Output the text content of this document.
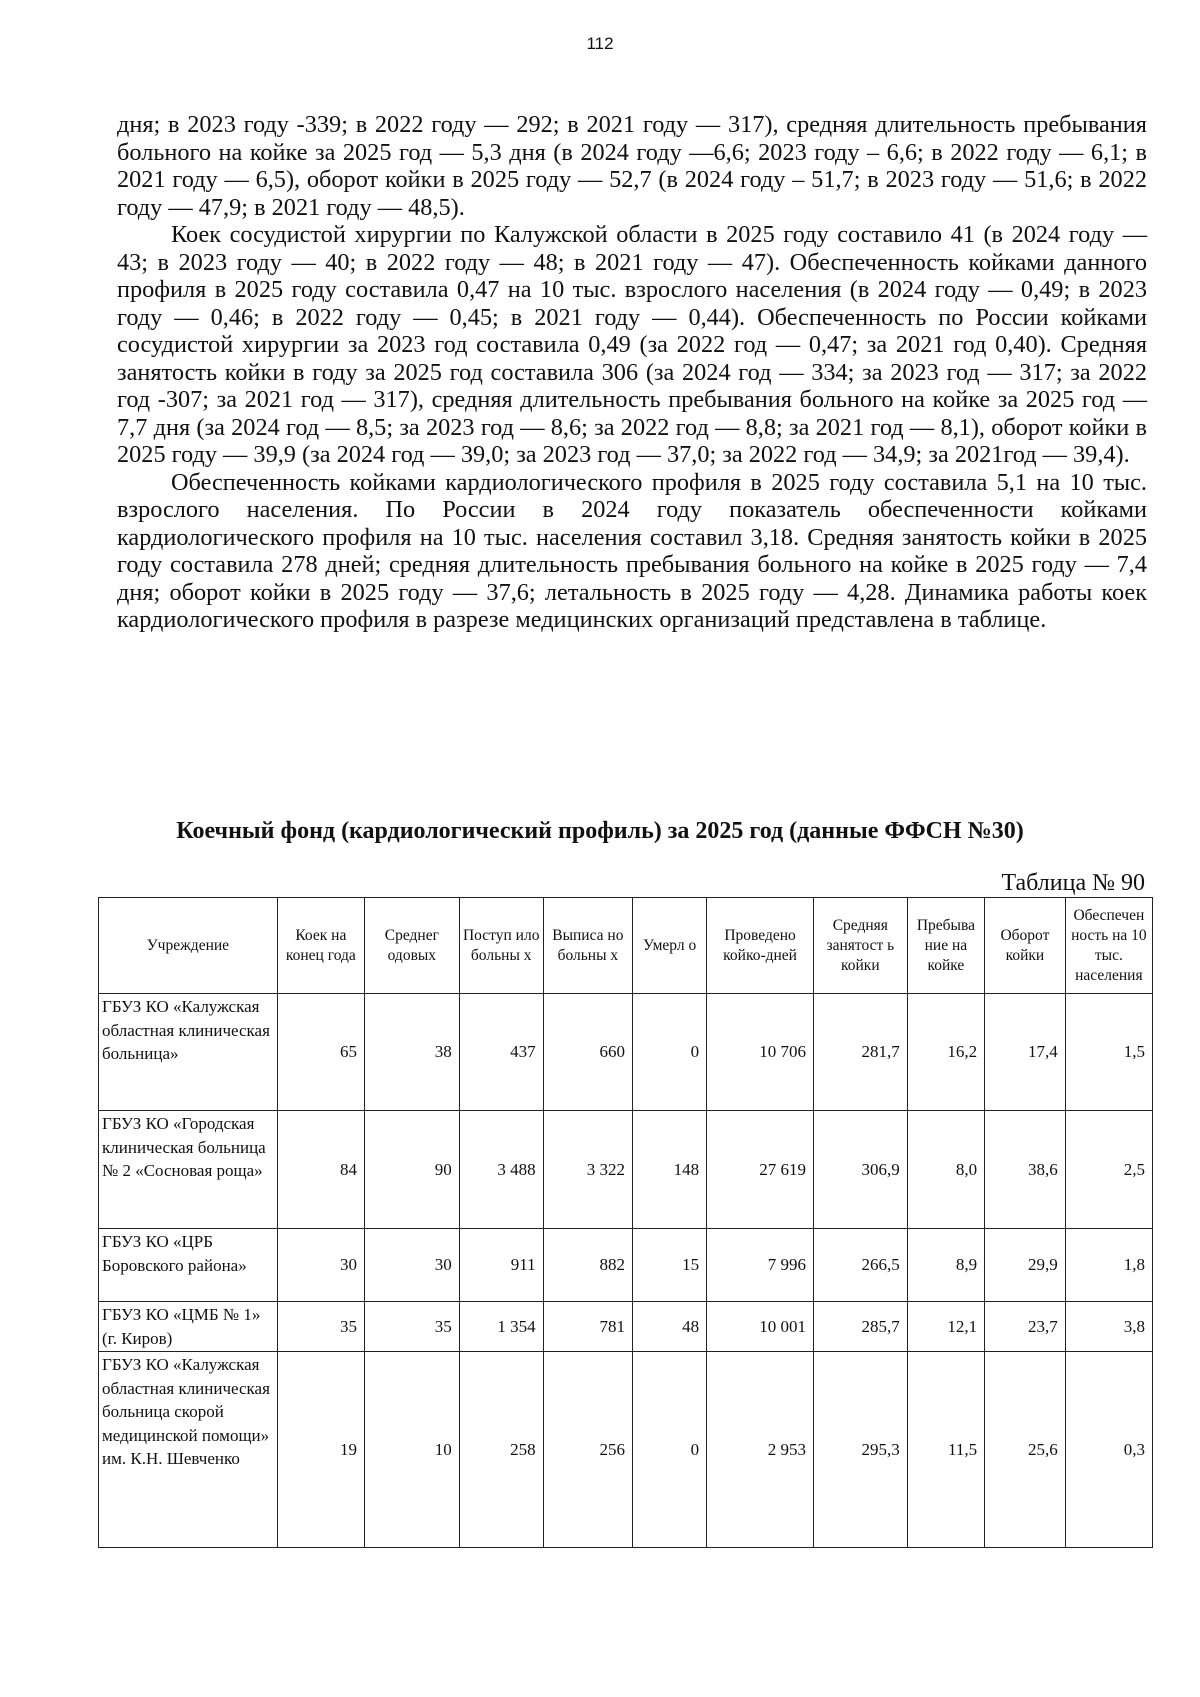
112

дня; в 2023 году -339; в 2022 году — 292; в 2021 году — 317), средняя длительность пребывания больного на койке за 2025 год — 5,3 дня (в 2024 году —6,6; 2023 году – 6,6; в 2022 году — 6,1; в 2021 году — 6,5), оборот койки в 2025 году — 52,7 (в 2024 году – 51,7; в 2023 году — 51,6; в 2022 году — 47,9; в 2021 году — 48,5).

Коек сосудистой хирургии по Калужской области в 2025 году составило 41 (в 2024 году — 43; в 2023 году — 40; в 2022 году — 48; в 2021 году — 47). Обеспеченность койками данного профиля в 2025 году составила 0,47 на 10 тыс. взрослого населения (в 2024 году — 0,49; в 2023 году — 0,46; в 2022 году — 0,45; в 2021 году — 0,44). Обеспеченность по России койками сосудистой хирургии за 2023 год составила 0,49 (за 2022 год — 0,47; за 2021 год 0,40). Средняя занятость койки в году за 2025 год составила 306 (за 2024 год — 334; за 2023 год — 317; за 2022 год -307; за 2021 год — 317), средняя длительность пребывания больного на койке за 2025 год — 7,7 дня (за 2024 год — 8,5; за 2023 год — 8,6; за 2022 год — 8,8; за 2021 год — 8,1), оборот койки в 2025 году — 39,9 (за 2024 год — 39,0; за 2023 год — 37,0; за 2022 год — 34,9; за 2021год — 39,4).

Обеспеченность койками кардиологического профиля в 2025 году составила 5,1 на 10 тыс. взрослого населения. По России в 2024 году показатель обеспеченности койками кардиологического профиля на 10 тыс. населения составил 3,18. Средняя занятость койки в 2025 году составила 278 дней; средняя длительность пребывания больного на койке в 2025 году — 7,4 дня; оборот койки в 2025 году — 37,6; летальность в 2025 году — 4,28. Динамика работы коек кардиологического профиля в разрезе медицинских организаций представлена в таблице.

Коечный фонд (кардиологический профиль) за 2025 год (данные ФФСН №30)
Таблица № 90
Учреждение	Коек на конец года	Среднег одовых	Поступ ило больны х	Выписа но больны х	Умерл о	Проведено койко-дней	Средняя занятост ь койки	Пребыва ние на койке	Оборот койки	Обеспечен ность на 10 тыс. населения
ГБУЗ КО «Калужская областная клиническая больница»	65	38	437	660	0	10 706	281,7	16,2	17,4	1,5
ГБУЗ КО «Городская клиническая больница № 2 «Сосновая роща»	84	90	3 488	3 322	148	27 619	306,9	8,0	38,6	2,5
ГБУЗ КО «ЦРБ Боровского района»	30	30	911	882	15	7 996	266,5	8,9	29,9	1,8
ГБУЗ КО «ЦМБ № 1» (г. Киров)	35	35	1 354	781	48	10 001	285,7	12,1	23,7	3,8
ГБУЗ КО «Калужская областная клиническая больница скорой медицинской помощи» им. К.Н. Шевченко	19	10	258	256	0	2 953	295,3	11,5	25,6	0,3
